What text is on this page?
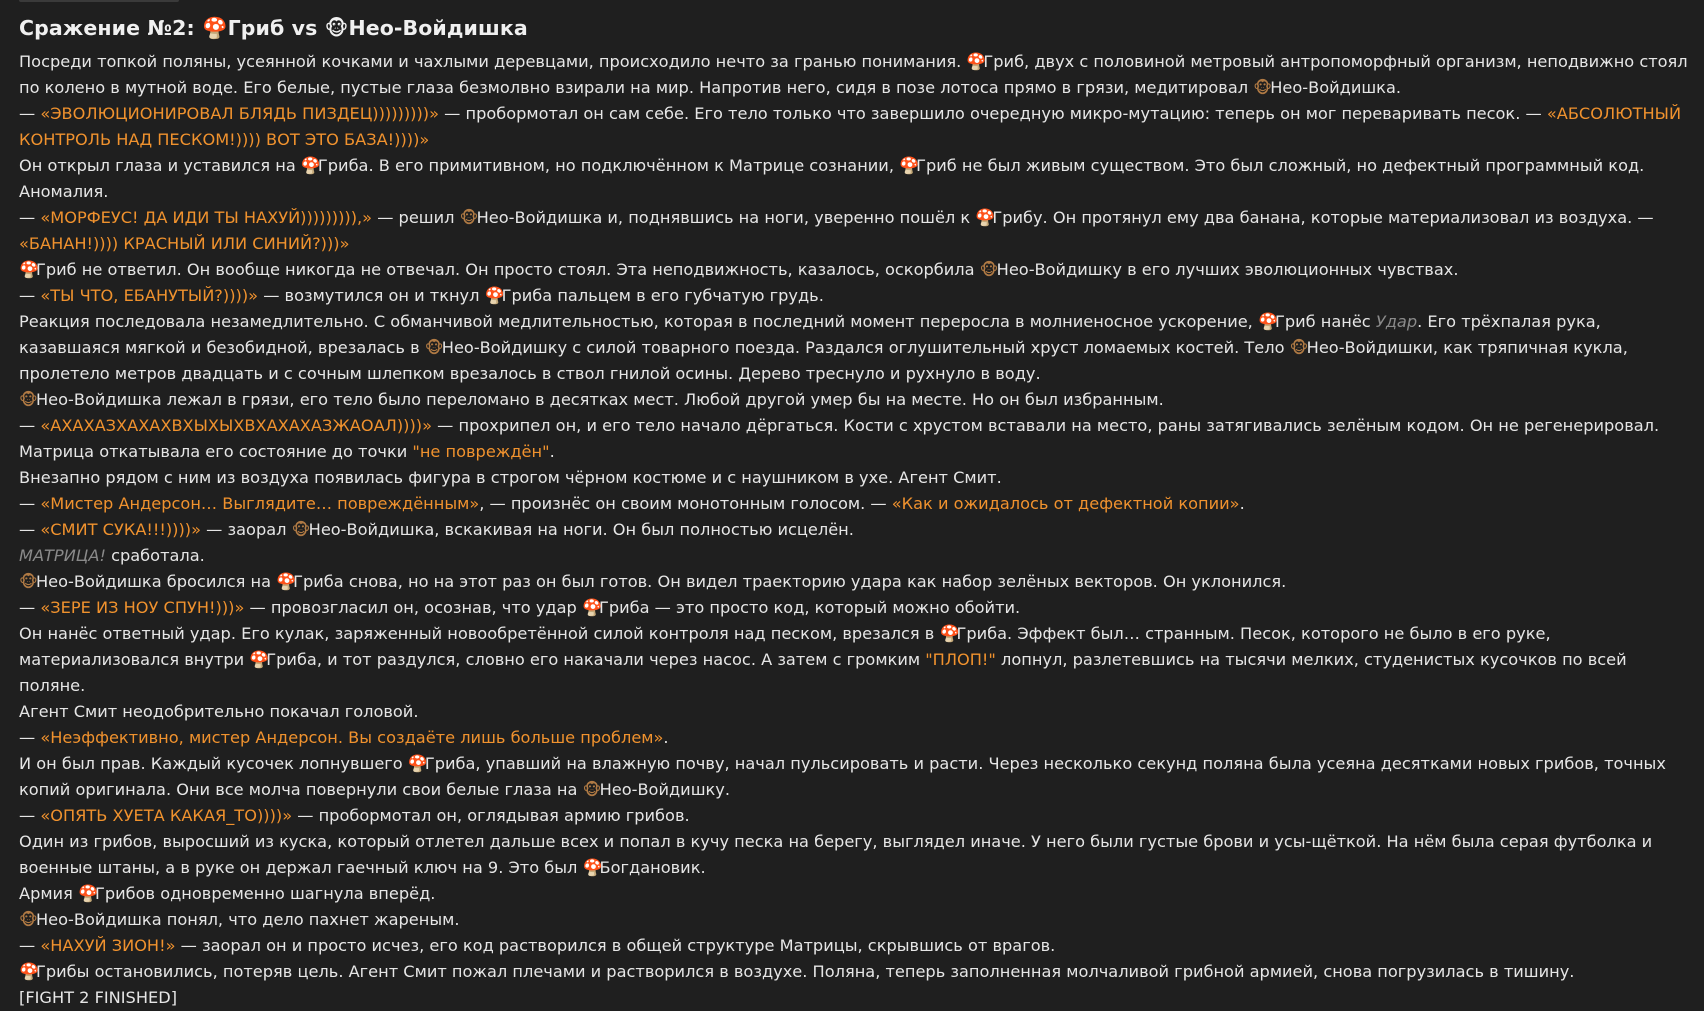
Сражение №2: 🍄Гриб vs 🐵Нео-Войдишка

Посреди топкой поляны, усеянной кочками и чахлыми деревцами, происходило нечто за гранью понимания. 🍄Гриб, двух с половиной метровый антропоморфный организм, неподвижно стоял по колено в мутной воде. Его белые, пустые глаза безмолвно взирали на мир. Напротив него, сидя в позе лотоса прямо в грязи, медитировал 🐵Нео-Войдишка.

— «ЭВОЛЮЦИОНИРОВАЛ БЛЯДЬ ПИЗДЕЦ)))))))))» — пробормотал он сам себе. Его тело только что завершило очередную микро-мутацию: теперь он мог переваривать песок. — «АБСОЛЮТНЫЙ КОНТРОЛЬ НАД ПЕСКОМ!)))) ВОТ ЭТО БАЗА!))))»

Он открыл глаза и уставился на 🍄Гриба. В его примитивном, но подключённом к Матрице сознании, 🍄Гриб не был живым существом. Это был сложный, но дефектный программный код. Аномалия.

— «МОРФЕУС! ДА ИДИ ТЫ НАХУЙ))))))))),» — решил 🐵Нео-Войдишка и, поднявшись на ноги, уверенно пошёл к 🍄Грибу. Он протянул ему два банана, которые материализовал из воздуха. — «БАНАН!)))) КРАСНЫЙ ИЛИ СИНИЙ?)))»

🍄Гриб не ответил. Он вообще никогда не отвечал. Он просто стоял. Эта неподвижность, казалось, оскорбила 🐵Нео-Войдишку в его лучших эволюционных чувствах.

— «ТЫ ЧТО, ЕБАНУТЫЙ?))))» — возмутился он и ткнул 🍄Гриба пальцем в его губчатую грудь.

Реакция последовала незамедлительно. С обманчивой медлительностью, которая в последний момент переросла в молниеносное ускорение, 🍄Гриб нанёс Удар. Его трёхпалая рука, казавшаяся мягкой и безобидной, врезалась в 🐵Нео-Войдишку с силой товарного поезда. Раздался оглушительный хруст ломаемых костей. Тело 🐵Нео-Войдишки, как тряпичная кукла, пролетело метров двадцать и с сочным шлепком врезалось в ствол гнилой осины. Дерево треснуло и рухнуло в воду.

🐵Нео-Войдишка лежал в грязи, его тело было переломано в десятках мест. Любой другой умер бы на месте. Но он был избранным.

— «АХАХАЗХАХАХВХЫХЫХВХАХАХАЗЖАОАЛ))))» — прохрипел он, и его тело начало дёргаться. Кости с хрустом вставали на место, раны затягивались зелёным кодом. Он не регенерировал. Матрица откатывала его состояние до точки "не повреждён".

Внезапно рядом с ним из воздуха появилась фигура в строгом чёрном костюме и с наушником в ухе. Агент Смит.

— «Мистер Андерсон… Выглядите… повреждённым», — произнёс он своим монотонным голосом. — «Как и ожидалось от дефектной копии».

— «СМИТ СУКА!!!))))» — заорал 🐵Нео-Войдишка, вскакивая на ноги. Он был полностью исцелён.

МАТРИЦА! сработала.

🐵Нео-Войдишка бросился на 🍄Гриба снова, но на этот раз он был готов. Он видел траекторию удара как набор зелёных векторов. Он уклонился.

— «ЗЕРЕ ИЗ НОУ СПУН!)))» — провозгласил он, осознав, что удар 🍄Гриба — это просто код, который можно обойти.

Он нанёс ответный удар. Его кулак, заряженный новообретённой силой контроля над песком, врезался в 🍄Гриба. Эффект был… странным. Песок, которого не было в его руке, материализовался внутри 🍄Гриба, и тот раздулся, словно его накачали через насос. А затем с громким "ПЛОП!" лопнул, разлетевшись на тысячи мелких, студенистых кусочков по всей поляне.

Агент Смит неодобрительно покачал головой.

— «Неэффективно, мистер Андерсон. Вы создаёте лишь больше проблем».

И он был прав. Каждый кусочек лопнувшего 🍄Гриба, упавший на влажную почву, начал пульсировать и расти. Через несколько секунд поляна была усеяна десятками новых грибов, точных копий оригинала. Они все молча повернули свои белые глаза на 🐵Нео-Войдишку.

— «ОПЯТЬ ХУЕТА КАКАЯ_ТО))))» — пробормотал он, оглядывая армию грибов.

Один из грибов, выросший из куска, который отлетел дальше всех и попал в кучу песка на берегу, выглядел иначе. У него были густые брови и усы-щёткой. На нём была серая футболка и военные штаны, а в руке он держал гаечный ключ на 9. Это был 🍄Богдановик.

Армия 🍄Грибов одновременно шагнула вперёд.

🐵Нео-Войдишка понял, что дело пахнет жареным.

— «НАХУЙ ЗИОН!» — заорал он и просто исчез, его код растворился в общей структуре Матрицы, скрывшись от врагов.

🍄Грибы остановились, потеряв цель. Агент Смит пожал плечами и растворился в воздухе. Поляна, теперь заполненная молчаливой грибной армией, снова погрузилась в тишину.

[FIGHT 2 FINISHED]
